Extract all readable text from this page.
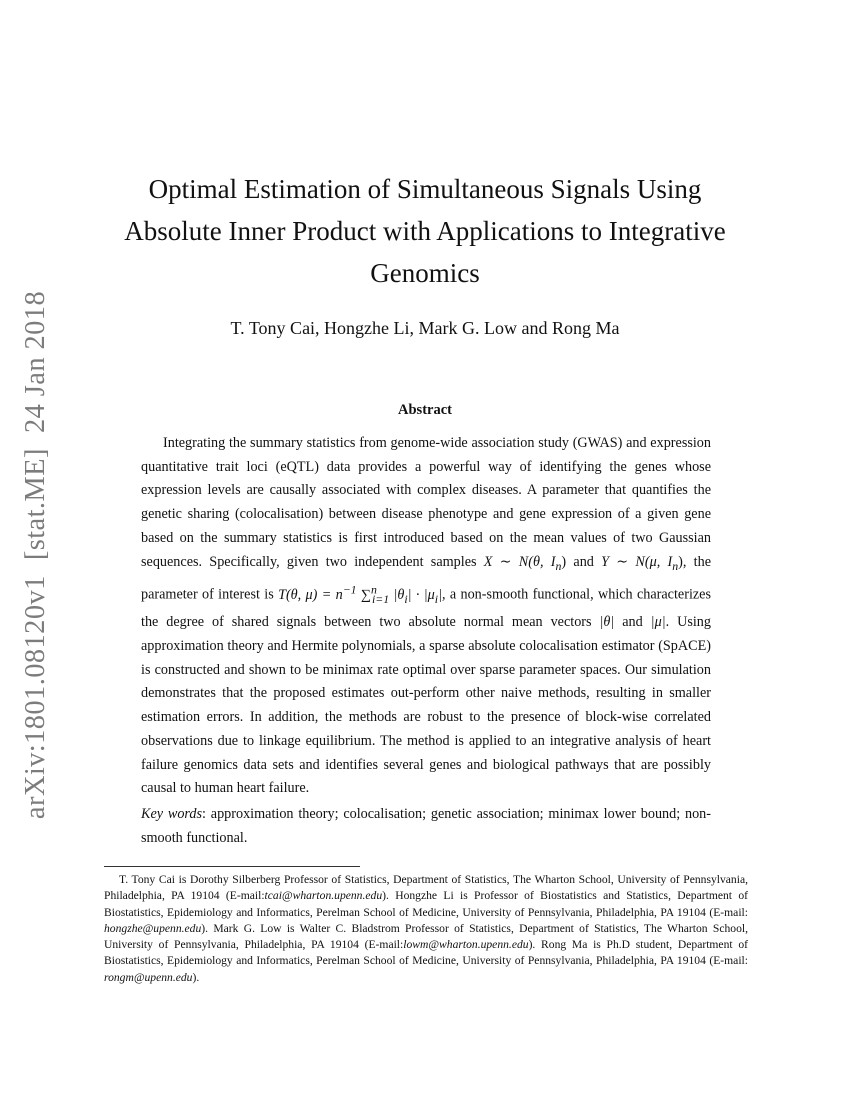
arXiv:1801.08120v1  [stat.ME]  24 Jan 2018
Optimal Estimation of Simultaneous Signals Using
Absolute Inner Product with Applications to Integrative
Genomics
T. Tony Cai, Hongzhe Li, Mark G. Low and Rong Ma
Abstract

Integrating the summary statistics from genome-wide association study (GWAS) and expression quantitative trait loci (eQTL) data provides a powerful way of identifying the genes whose expression levels are causally associated with complex diseases. A parameter that quantifies the genetic sharing (colocalisation) between disease phenotype and gene expression of a given gene based on the summary statistics is first introduced based on the mean values of two Gaussian sequences. Specifically, given two independent samples X ∼ N(θ, $I_n$) and Y ∼ N(μ, $I_n$), the parameter of interest is T(θ, $\mu) = n^{-1}$ ∑$^n_{i=1}$ $|\theta_i| \cdot |\mu_i|$, a non-smooth functional, which characterizes the degree of shared signals between two absolute normal mean vectors |θ| and |μ|. Using approximation theory and Hermite polynomials, a sparse absolute colocalisation estimator (SpACE) is constructed and shown to be minimax rate optimal over sparse parameter spaces. Our simulation demonstrates that the proposed estimates out-perform other naive methods, resulting in smaller estimation errors. In addition, the methods are robust to the presence of block-wise correlated observations due to linkage equilibrium. The method is applied to an integrative analysis of heart failure genomics data sets and identifies several genes and biological pathways that are possibly causal to human heart failure.

Key words: approximation theory; colocalisation; genetic association; minimax lower bound; non-smooth functional.

T. Tony Cai is Dorothy Silberberg Professor of Statistics, Department of Statistics, The Wharton School, University of Pennsylvania, Philadelphia, PA 19104 (E-mail:tcai@wharton.upenn.edu). Hongzhe Li is Professor of Biostatistics and Statistics, Department of Biostatistics, Epidemiology and Informatics, Perelman School of Medicine, University of Pennsylvania, Philadelphia, PA 19104 (E-mail: hongzhe@upenn.edu). Mark G. Low is Walter C. Bladstrom Professor of Statistics, Department of Statistics, The Wharton School, University of Pennsylvania, Philadelphia, PA 19104 (E-mail:lowm@wharton.upenn.edu). Rong Ma is Ph.D student, Department of Biostatistics, Epidemiology and Informatics, Perelman School of Medicine, University of Pennsylvania, Philadelphia, PA 19104 (E-mail: rongm@upenn.edu).
